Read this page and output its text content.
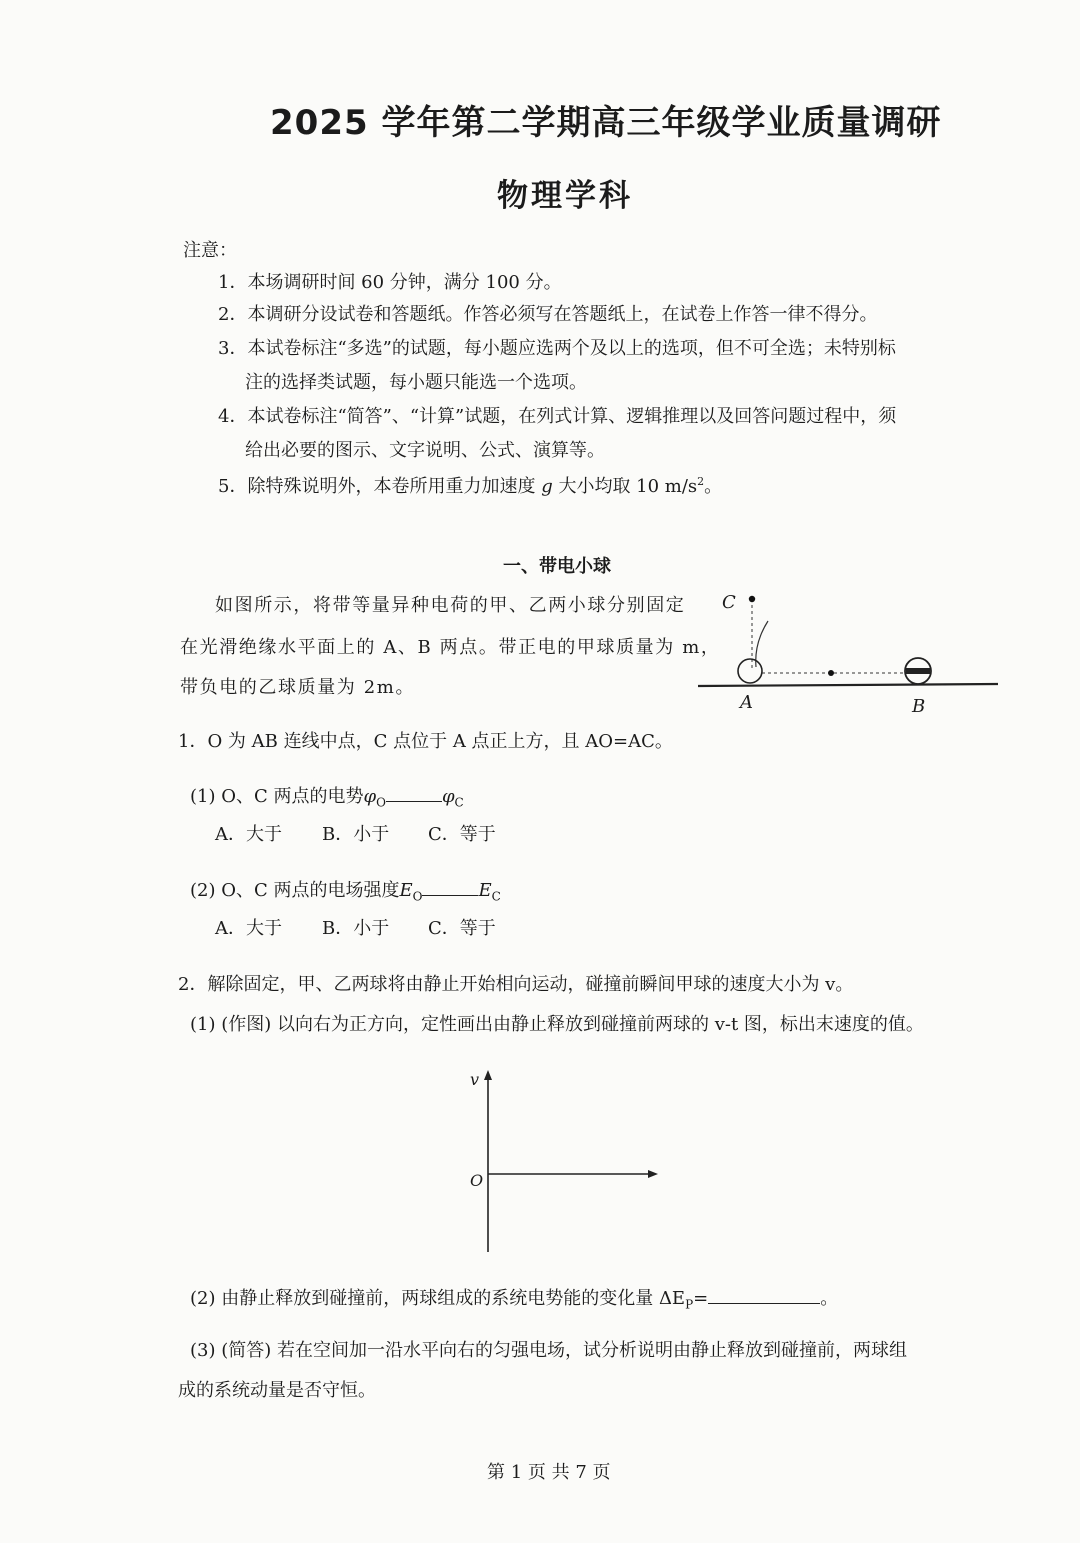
2025 学年第二学期高三年级学业质量调研
物理学科
注意：
1．本场调研时间 60 分钟，满分 100 分。
2．本调研分设试卷和答题纸。作答必须写在答题纸上，在试卷上作答一律不得分。
3．本试卷标注“多选”的试题，每小题应选两个及以上的选项，但不可全选；未特别标
注的选择类试题，每小题只能选一个选项。
4．本试卷标注“简答”、“计算”试题，在列式计算、逻辑推理以及回答问题过程中，须
给出必要的图示、文字说明、公式、演算等。
5．除特殊说明外，本卷所用重力加速度 g 大小均取 10 $m/s^2$。
一、带电小球
如图所示，将带等量异种电荷的甲、乙两小球分别固定
在光滑绝缘水平面上的 A、B 两点。带正电的甲球质量为 m，
带负电的乙球质量为 2m。
C
A	B
1．O 为 AB 连线中点，C 点位于 A 点正上方，且 AO=AC。
(1) O、C 两点的电势$\varphi_O$	$\varphi_C$
A．大于 B．小于 C．等于
(2) O、C 两点的电场强度$E_O$	$E_C$
A．大于 B．小于 C．等于
2．解除固定，甲、乙两球将由静止开始相向运动，碰撞前瞬间甲球的速度大小为 v。
(1) (作图) 以向右为正方向，定性画出由静止释放到碰撞前两球的 v-t 图，标出末速度的值。
v
O
(2) 由静止释放到碰撞前，两球组成的系统电势能的变化量 $\Delta E_P=$	。
(3) (简答) 若在空间加一沿水平向右的匀强电场，试分析说明由静止释放到碰撞前，两球组
成的系统动量是否守恒。
第 1 页 共 7 页
